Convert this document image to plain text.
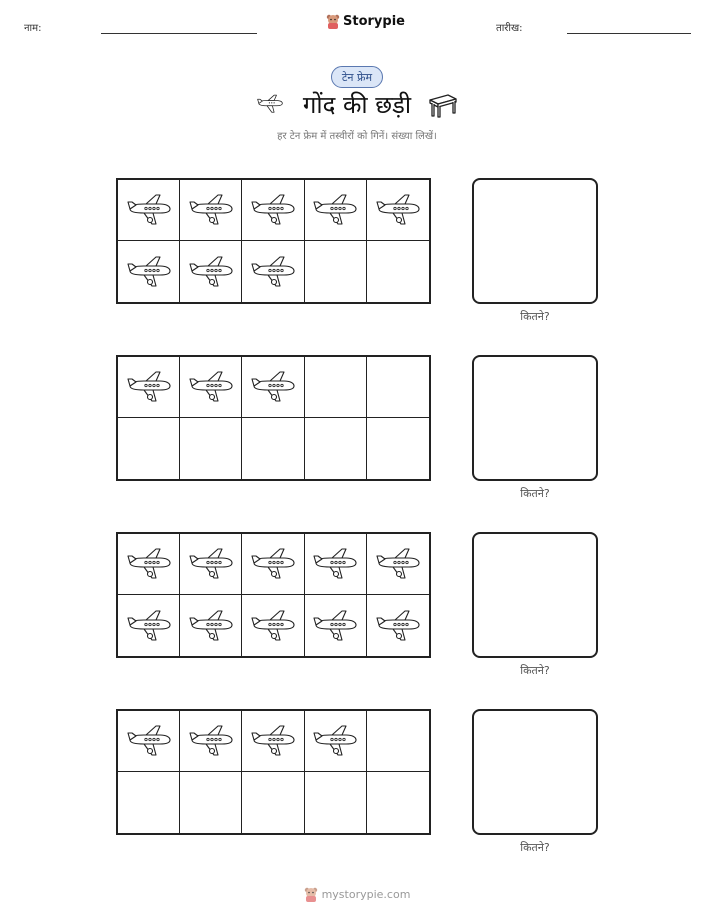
नाम:	Storypie	तारीख:
टेन फ्रेम
गोंद की छड़ी
हर टेन फ्रेम में तस्वीरों को गिनें। संख्या लिखें।
कितने?
कितने?
कितने?
कितने?
mystorypie.com
